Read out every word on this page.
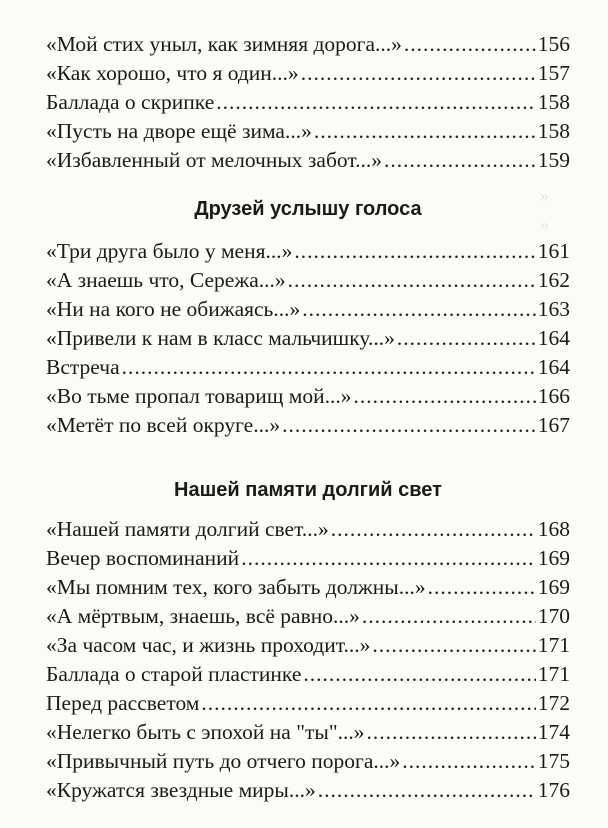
»
»
«Мой стих уныл, как зимняя дорога...» .....	156
«Как хорошо, что я один...» .....	157
Баллада о скрипке .....	158
«Пусть на дворе ещё зима...» .....	158
«Избавленный от мелочных забот...» .....	159
Друзей услышу голоса
«Три друга было у меня...» .....	161
«А знаешь что, Сережа...» .....	162
«Ни на кого не обижаясь...» .....	163
«Привели к нам в класс мальчишку...» .....	164
Встреча .....	164
«Во тьме пропал товарищ мой...» .....	166
«Метёт по всей округе...» .....	167
Нашей памяти долгий свет
«Нашей памяти долгий свет...» .....	168
Вечер воспоминаний .....	169
«Мы помним тех, кого забыть должны...» .....	169
«А мёртвым, знаешь, всё равно...» .....	170
«За часом час, и жизнь проходит...» .....	171
Баллада о старой пластинке .....	171
Перед рассветом .....	172
«Нелегко быть с эпохой на "ты"...» .....	174
«Привычный путь до отчего порога...» .....	175
«Кружатся звездные миры...» .....	176
